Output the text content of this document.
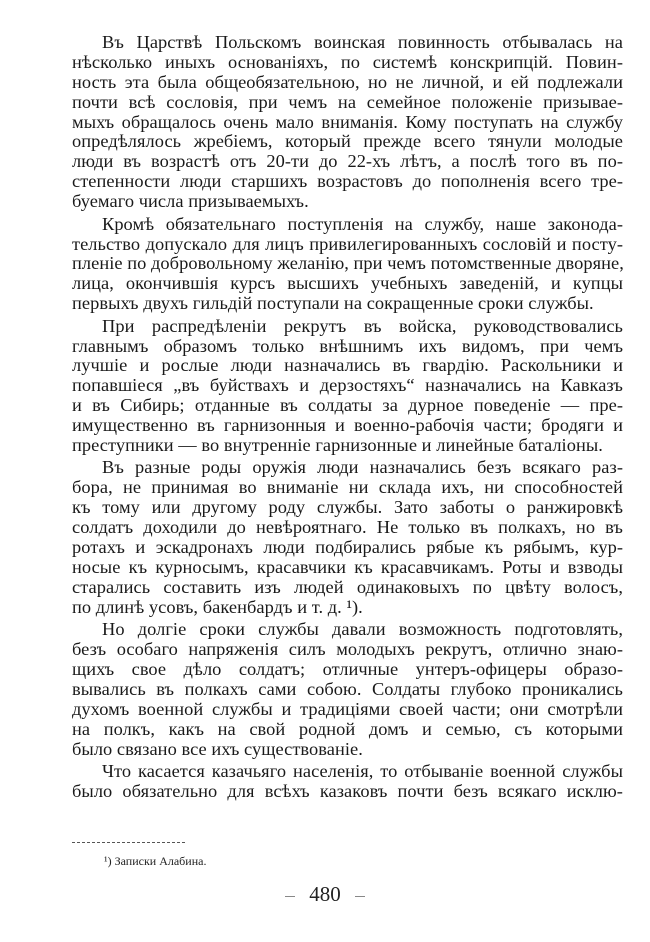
Въ Царствѣ Польскомъ воинская повинность отбывалась на
нѣсколько иныхъ основаніяхъ, по системѣ конскрипцій. Повин-
ность эта была общеобязательною, но не личной, и ей подлежали
почти всѣ сословія, при чемъ на семейное положеніе призывае-
мыхъ обращалось очень мало вниманія. Кому поступать на службу
опредѣлялось жребіемъ, который прежде всего тянули молодые
люди въ возрастѣ отъ 20-ти до 22-хъ лѣтъ, а послѣ того въ по-
степенности люди старшихъ возрастовъ до пополненія всего тре-
буемаго числа призываемыхъ.
Кромѣ обязательнаго поступленія на службу, наше законода-
тельство допускало для лицъ привилегированныхъ сословій и посту-
пленіе по добровольному желанію, при чемъ потомственные дворяне,
лица, окончившія курсъ высшихъ учебныхъ заведеній, и купцы
первыхъ двухъ гильдій поступали на сокращенные сроки службы.
При распредѣленіи рекрутъ въ войска, руководствовались
главнымъ образомъ только внѣшнимъ ихъ видомъ, при чемъ
лучшіе и рослые люди назначались въ гвардію. Раскольники и
попавшіеся „въ буйствахъ и дерзостяхъ“ назначались на Кавказъ
и въ Сибирь; отданные въ солдаты за дурное поведеніе — пре-
имущественно въ гарнизонныя и военно-рабочія части; бродяги и
преступники — во внутренніе гарнизонные и линейные баталіоны.
Въ разные роды оружія люди назначались безъ всякаго раз-
бора, не принимая во вниманіе ни склада ихъ, ни способностей
къ тому или другому роду службы. Зато заботы о ранжировкѣ
солдатъ доходили до невѣроятнаго. Не только въ полкахъ, но въ
ротахъ и эскадронахъ люди подбирались рябые къ рябымъ, кур-
носые къ курносымъ, красавчики къ красавчикамъ. Роты и взводы
старались составить изъ людей одинаковыхъ по цвѣту волосъ,
по длинѣ усовъ, бакенбардъ и т. д. ¹).
Но долгіе сроки службы давали возможность подготовлять,
безъ особаго напряженія силъ молодыхъ рекрутъ, отлично знаю-
щихъ свое дѣло солдатъ; отличные унтеръ-офицеры образо-
вывались въ полкахъ сами собою. Солдаты глубоко проникались
духомъ военной службы и традиціями своей части; они смотрѣли
на полкъ, какъ на свой родной домъ и семью, съ которыми
было связано все ихъ существованіе.
Что касается казачьяго населенія, то отбываніе военной службы
было обязательно для всѣхъ казаковъ почти безъ всякаго исклю-
¹) Записки Алабина.
480
